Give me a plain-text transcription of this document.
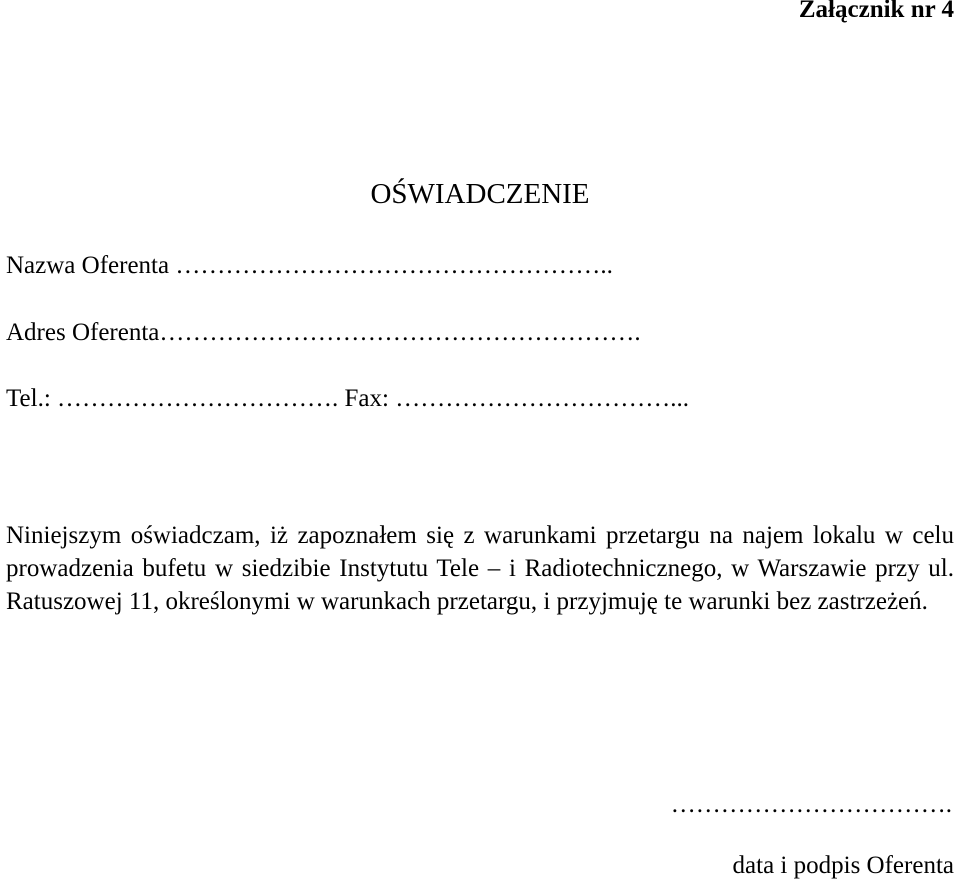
Załącznik nr 4
OŚWIADCZENIE
Nazwa Oferenta ……………………………………………..
Adres Oferenta………………………………………………….
Tel.: ……………………………. Fax: ……………………………...

Niniejszym oświadczam, iż zapoznałem się z warunkami przetargu na najem lokalu w celu prowadzenia bufetu w siedzibie Instytutu Tele – i Radiotechnicznego, w Warszawie przy ul. Ratuszowej 11, określonymi w warunkach przetargu, i przyjmuję te warunki bez zastrzeżeń.

…………………………….
data i podpis Oferenta
